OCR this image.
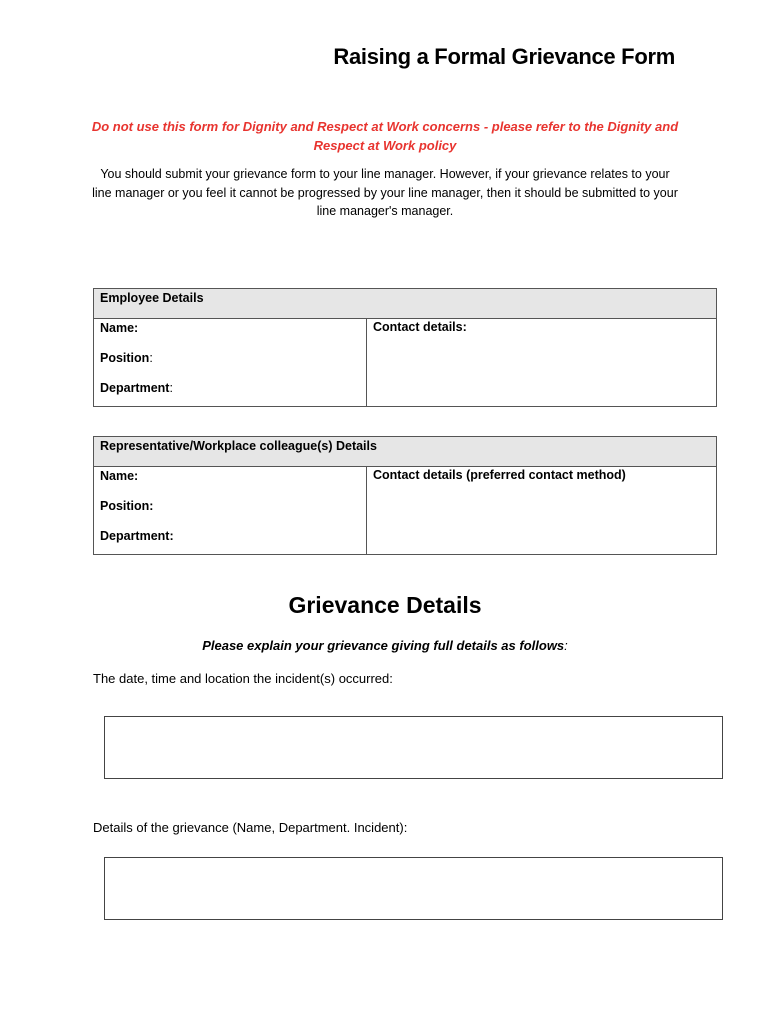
Raising a Formal Grievance Form
Do not use this form for Dignity and Respect at Work concerns - please refer to the Dignity and Respect at Work policy
You should submit your grievance form to your line manager. However, if your grievance relates to your line manager or you feel it cannot be progressed by your line manager, then it should be submitted to your line manager's manager.
Employee Details

Name:
Position:
Department:

Contact details:
Representative/Workplace colleague(s) Details

Name:
Position:
Department:

Contact details (preferred contact method)
Grievance Details
Please explain your grievance giving full details as follows:
The date, time and location the incident(s) occurred:
Details of the grievance (Name, Department. Incident):
